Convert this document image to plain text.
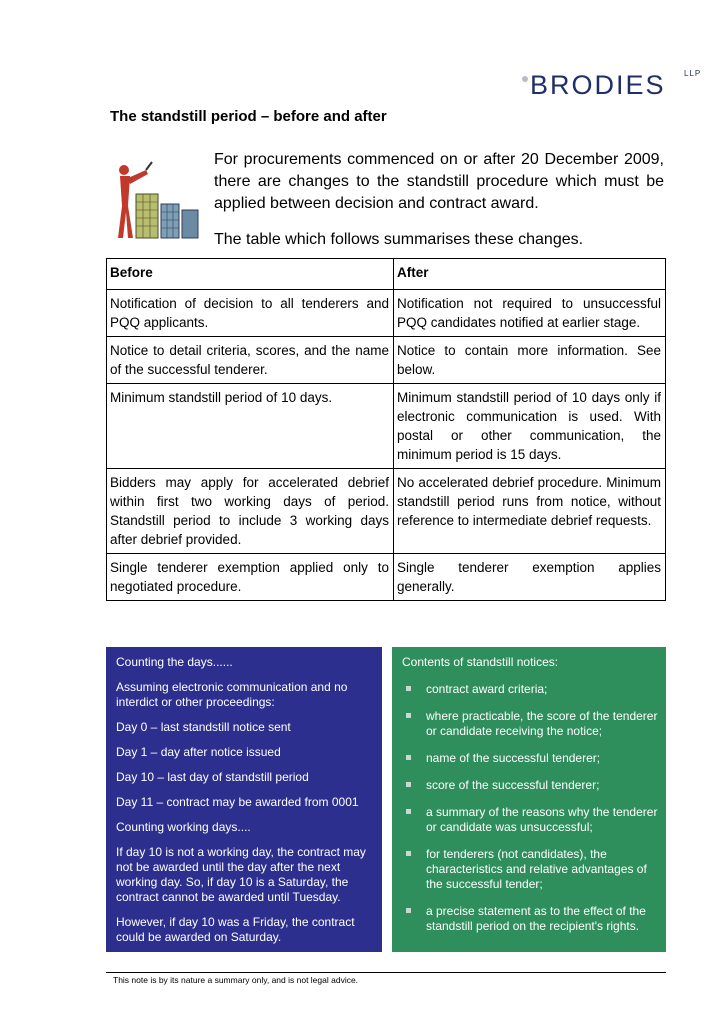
BRODIES LLP
The standstill period – before and after

For procurements commenced on or after 20 December 2009, there are changes to the standstill procedure which must be applied between decision and contract award.

The table which follows summarises these changes.

Before	After
Notification of decision to all tenderers and PQQ applicants.	Notification not required to unsuccessful PQQ candidates notified at earlier stage.
Notice to detail criteria, scores, and the name of the successful tenderer.	Notice to contain more information. See below.
Minimum standstill period of 10 days.	Minimum standstill period of 10 days only if electronic communication is used. With postal or other communication, the minimum period is 15 days.
Bidders may apply for accelerated debrief within first two working days of period. Standstill period to include 3 working days after debrief provided.	No accelerated debrief procedure. Minimum standstill period runs from notice, without reference to intermediate debrief requests.
Single tenderer exemption applied only to negotiated procedure.	Single tenderer exemption applies generally.

Counting the days......

Assuming electronic communication and no interdict or other proceedings:

Day 0 – last standstill notice sent

Day 1 – day after notice issued

Day 10 – last day of standstill period

Day 11 – contract may be awarded from 0001

Counting working days....

If day 10 is not a working day, the contract may not be awarded until the day after the next working day. So, if day 10 is a Saturday, the contract cannot be awarded until Tuesday.

However, if day 10 was a Friday, the contract could be awarded on Saturday.

Contents of standstill notices:
contract award criteria;
where practicable, the score of the tenderer or candidate receiving the notice;
name of the successful tenderer;
score of the successful tenderer;
a summary of the reasons why the tenderer or candidate was unsuccessful;
for tenderers (not candidates), the characteristics and relative advantages of the successful tender;
a precise statement as to the effect of the standstill period on the recipient's rights.
This note is by its nature a summary only, and is not legal advice.
